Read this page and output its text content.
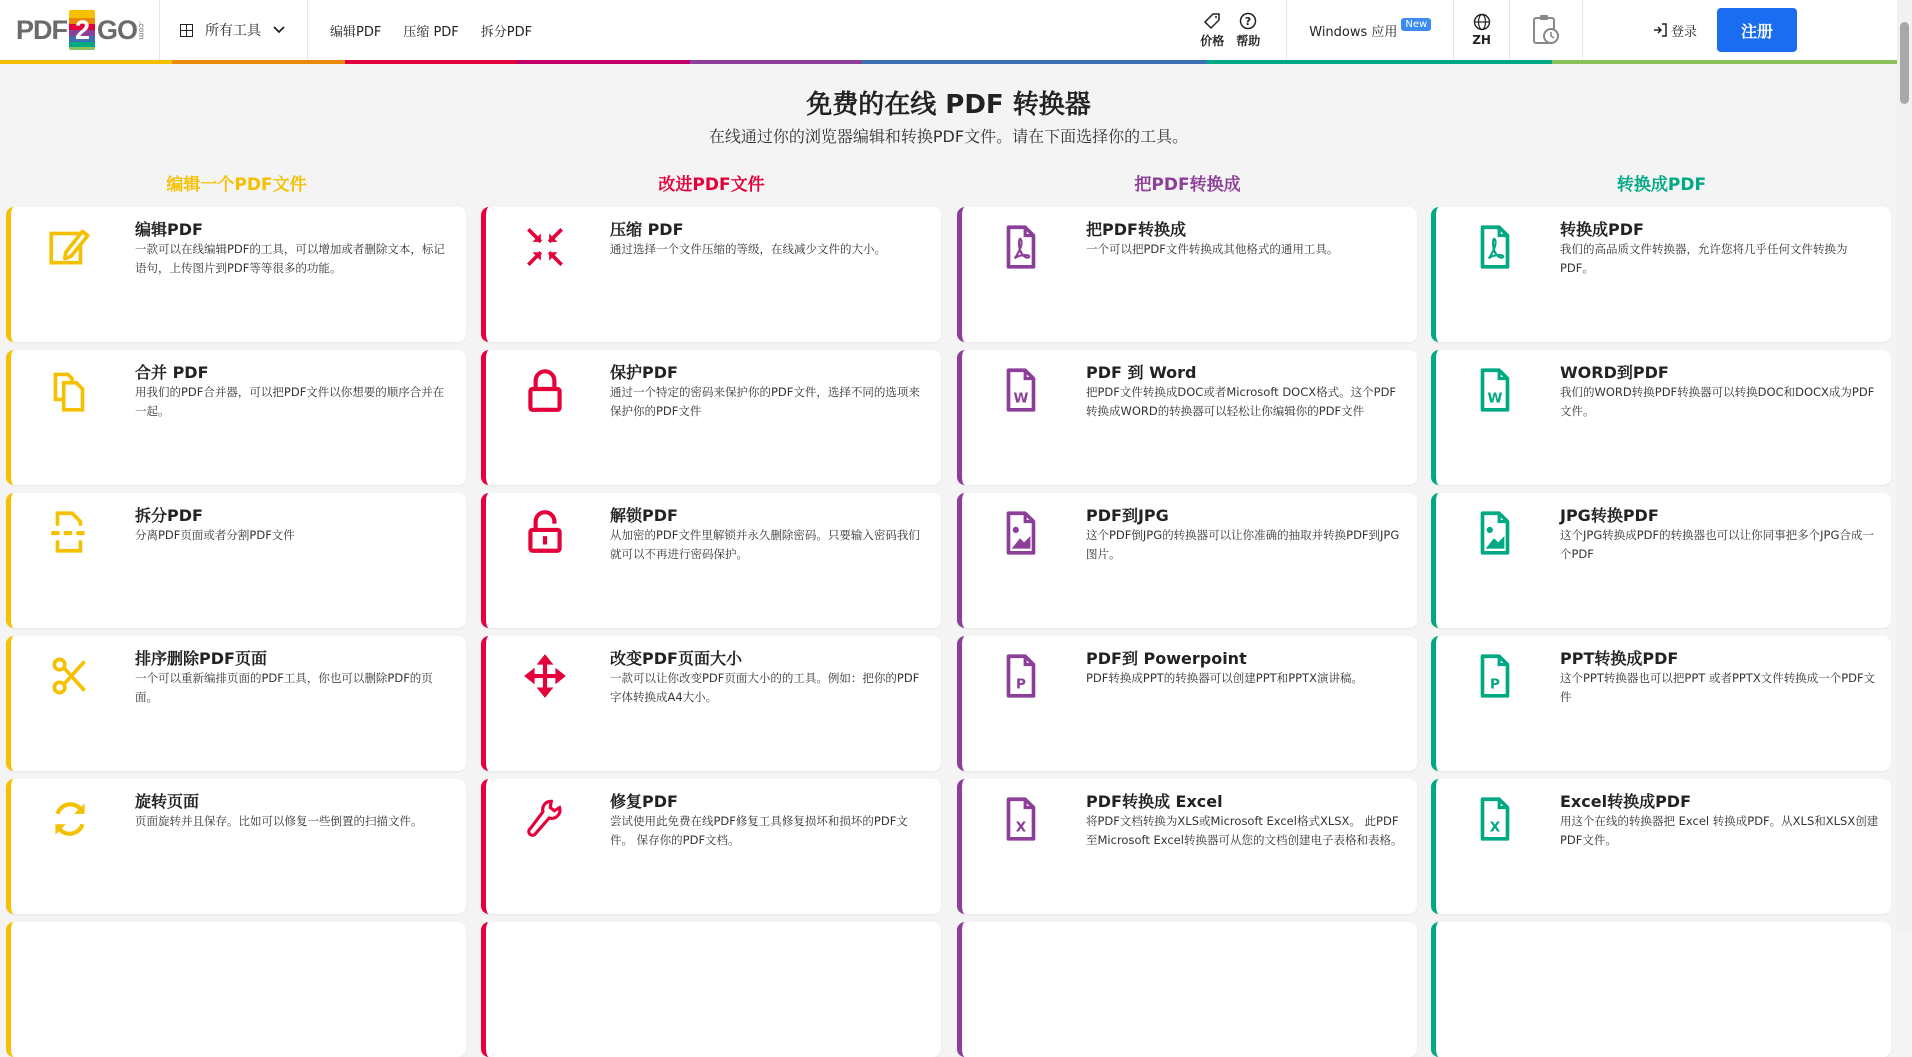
PDF 2 GO .com	所有工具	编辑PDF 压缩 PDF 拆分PDF
价格
?
帮助
Windows 应用
New
ZH
登录	注册
免费的在线 PDF 转换器
在线通过你的浏览器编辑和转换PDF文件。请在下面选择你的工具。
编辑一个PDF文件
编辑PDF

一款可以在线编辑PDF的工具，可以增加或者删除文本，标记语句，上传图片到PDF等等很多的功能。

合并 PDF

用我们的PDF合并器，可以把PDF文件以你想要的顺序合并在一起。

拆分PDF

分离PDF页面或者分割PDF文件

排序删除PDF页面

一个可以重新编排页面的PDF工具，你也可以删除PDF的页面。

旋转页面

页面旋转并且保存。比如可以修复一些倒置的扫描文件。

改进PDF文件
压缩 PDF

通过选择一个文件压缩的等级，在线减少文件的大小。

保护PDF

通过一个特定的密码来保护你的PDF文件，选择不同的选项来保护你的PDF文件

解锁PDF

从加密的PDF文件里解锁并永久删除密码。只要输入密码我们就可以不再进行密码保护。

改变PDF页面大小

一款可以让你改变PDF页面大小的的工具。例如：把你的PDF字体转换成A4大小。

修复PDF

尝试使用此免费在线PDF修复工具修复损坏和损坏的PDF文件。 保存你的PDF文档。

把PDF转换成
把PDF转换成

一个可以把PDF文件转换成其他格式的通用工具。

W
PDF 到 Word

把PDF文件转换成DOC或者Microsoft DOCX格式。这个PDF转换成WORD的转换器可以轻松让你编辑你的PDF文件

PDF到JPG

这个PDF倒JPG的转换器可以让你准确的抽取并转换PDF到JPG图片。

P
PDF到 Powerpoint

PDF转换成PPT的转换器可以创建PPT和PPTX演讲稿。

X
PDF转换成 Excel

将PDF文档转换为XLS或Microsoft Excel格式XLSX。 此PDF至Microsoft Excel转换器可从您的文档创建电子表格和表格。

转换成PDF
转换成PDF

我们的高品质文件转换器，允许您将几乎任何文件转换为PDF。

W
WORD到PDF

我们的WORD转换PDF转换器可以转换DOC和DOCX成为PDF文件。

JPG转换PDF

这个JPG转换成PDF的转换器也可以让你同事把多个JPG合成一个PDF

P
PPT转换成PDF

这个PPT转换器也可以把PPT 或者PPTX文件转换成一个PDF文件

X
Excel转换成PDF

用这个在线的转换器把 Excel 转换成PDF。从XLS和XLSX创建PDF文件。
